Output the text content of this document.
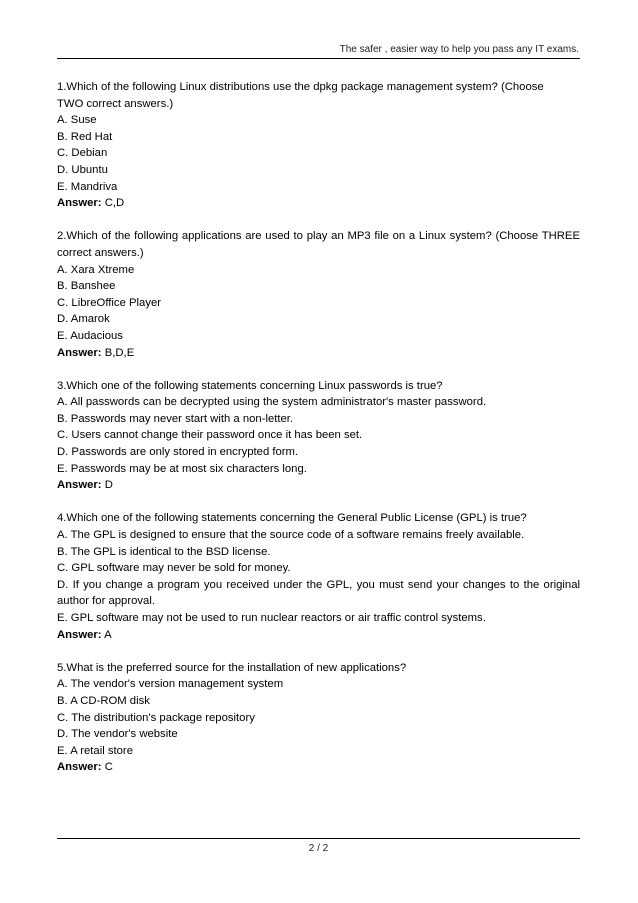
The safer , easier way to help you pass any IT exams.
1.Which of the following Linux distributions use the dpkg package management system? (Choose
TWO correct answers.)
A. Suse
B. Red Hat
C. Debian
D. Ubuntu
E. Mandriva
Answer: C,D
2.Which of the following applications are used to play an MP3 file on a Linux system? (Choose THREE correct answers.)
A. Xara Xtreme
B. Banshee
C. LibreOffice Player
D. Amarok
E. Audacious
Answer: B,D,E
3.Which one of the following statements concerning Linux passwords is true?
A. All passwords can be decrypted using the system administrator's master password.
B. Passwords may never start with a non-letter.
C. Users cannot change their password once it has been set.
D. Passwords are only stored in encrypted form.
E. Passwords may be at most six characters long.
Answer: D
4.Which one of the following statements concerning the General Public License (GPL) is true?
A. The GPL is designed to ensure that the source code of a software remains freely available.
B. The GPL is identical to the BSD license.
C. GPL software may never be sold for money.
D. If you change a program you received under the GPL, you must send your changes to the original author for approval.
E. GPL software may not be used to run nuclear reactors or air traffic control systems.
Answer: A
5.What is the preferred source for the installation of new applications?
A. The vendor's version management system
B. A CD-ROM disk
C. The distribution's package repository
D. The vendor's website
E. A retail store
Answer: C
2 / 2
